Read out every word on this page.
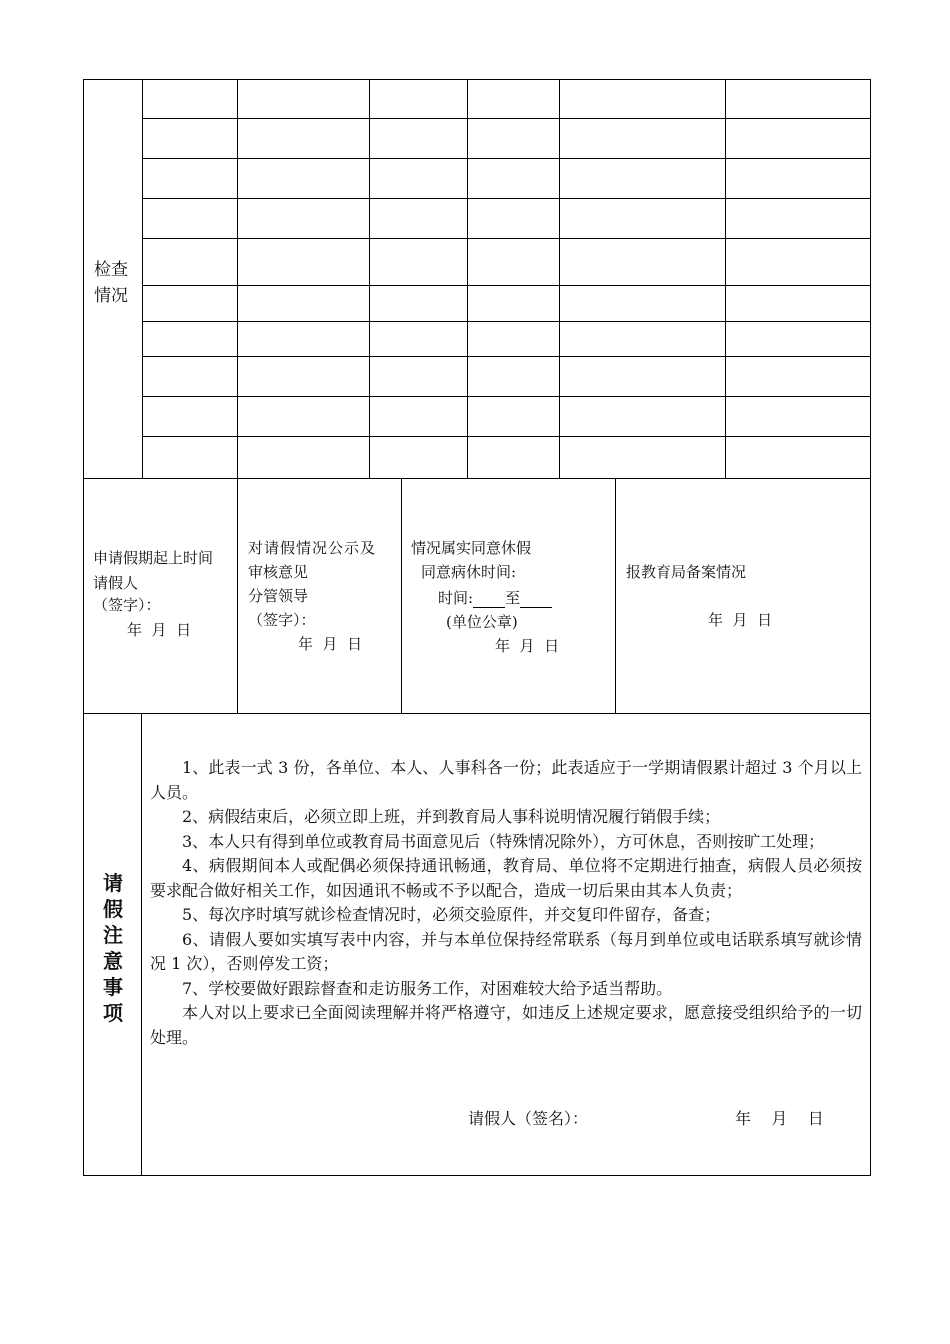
检查
情况
申请假期起上时间
请假人
（签字）：
年  月  日
对请假情况公示及
审核意见
分管领导
（签字）：
年  月  日
情况属实同意休假
同意病休时间:
时间: 至
(单位公章)
年  月  日
报教育局备案情况
年  月  日
请
假
注
意
事
项

1、此表一式 3 份，各单位、本人、人事科各一份；此表适应于一学期请假累计超过 3 个月以上人员。

2、病假结束后，必须立即上班，并到教育局人事科说明情况履行销假手续；

3、本人只有得到单位或教育局书面意见后（特殊情况除外），方可休息，否则按旷工处理；

4、病假期间本人或配偶必须保持通讯畅通，教育局、单位将不定期进行抽查，病假人员必须按要求配合做好相关工作，如因通讯不畅或不予以配合，造成一切后果由其本人负责；

5、每次序时填写就诊检查情况时，必须交验原件，并交复印件留存，备查；

6、请假人要如实填写表中内容，并与本单位保持经常联系（每月到单位或电话联系填写就诊情况 1 次），否则停发工资；

7、学校要做好跟踪督查和走访服务工作，对困难较大给予适当帮助。

本人对以上要求已全面阅读理解并将严格遵守，如违反上述规定要求，愿意接受组织给予的一切处理。

请假人（签名）：	年    月    日
